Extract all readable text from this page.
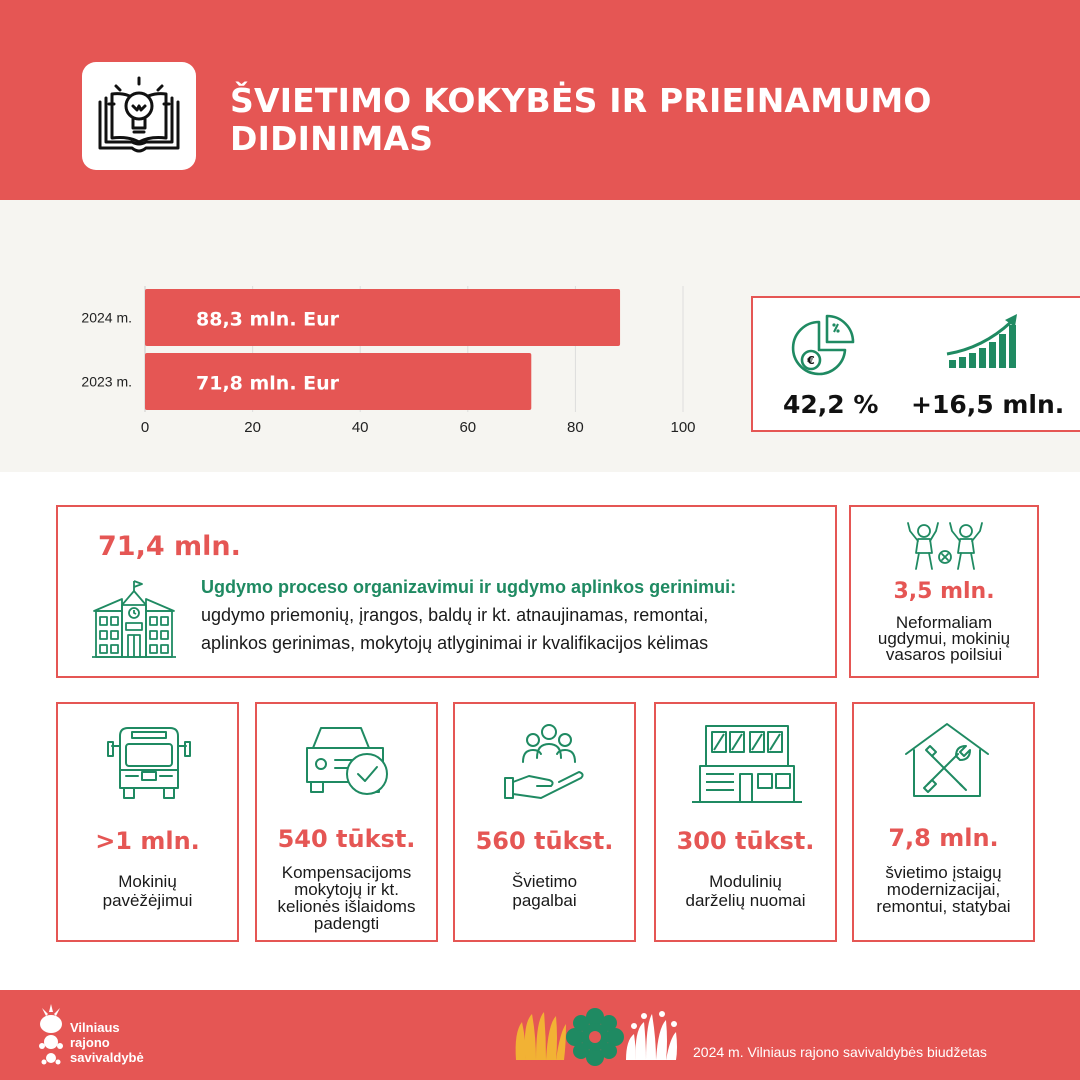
ŠVIETIMO KOKYBĖS IR PRIEINAMUMO DIDINIMAS
0	20	40	60	80	100
2024 m.	88,3 mln. Eur
2023 m.	71,8 mln. Eur
€
42,2 % +16,5 mln.
71,4 mln.
Ugdymo proceso organizavimui ir ugdymo aplinkos gerinimui:
ugdymo priemonių, įrangos, baldų ir kt. atnaujinamas, remontai,
aplinkos gerinimas, mokytojų atlyginimai ir kvalifikacijos kėlimas
3,5 mln.
Neformaliam
ugdymui, mokinių
vasaros poilsiui
>1 mln.
Mokinių
pavėžėjimui
540 tūkst.
Kompensacijoms
mokytojų ir kt.
kelionės išlaidoms
padengti
560 tūkst.
Švietimo
pagalbai
300 tūkst.
Modulinių
darželių nuomai
7,8 mln.
švietimo įstaigų
modernizacijai,
remontui, statybai
Vilniaus
rajono
savivaldybė	2024 m. Vilniaus rajono savivaldybės biudžetas
